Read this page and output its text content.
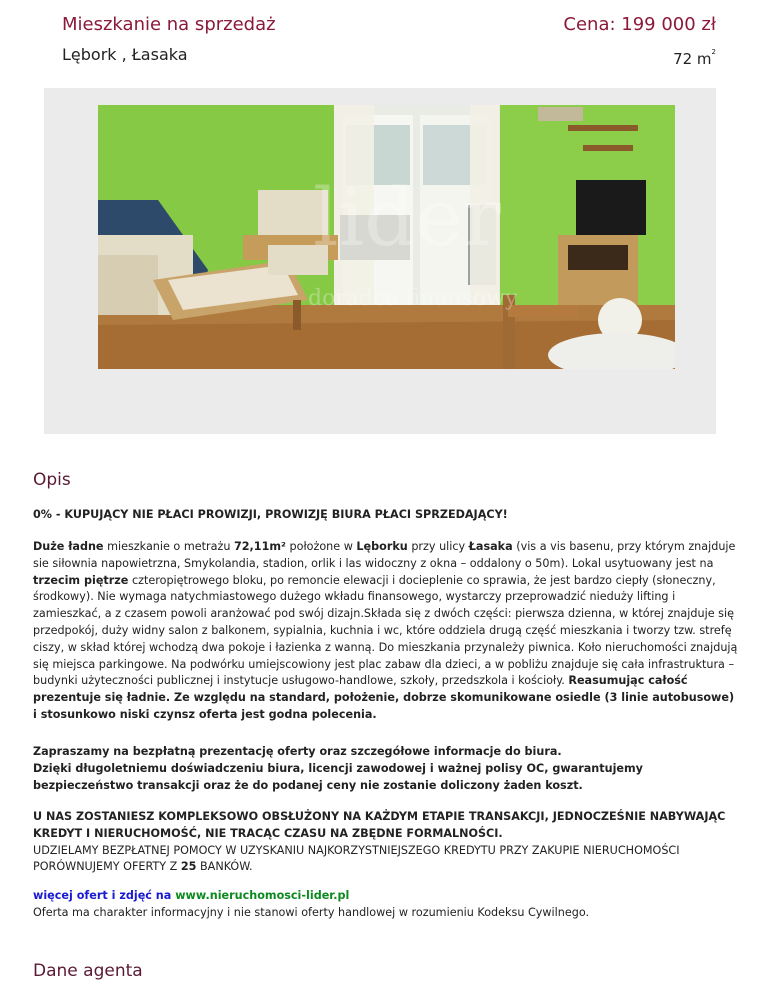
Mieszkanie na sprzedaż	Cena: 199 000 zł
Lębork , Łasaka	72 $m^2$
lider
doradca finansowy
Opis

0% - KUPUJĄCY NIE PŁACI PROWIZJI, PROWIZJĘ BIURA PŁACI SPRZEDAJĄCY!

Duże ładne mieszkanie o metrażu 72,11m² położone w Lęborku przy ulicy Łasaka (vis a vis basenu, przy którym znajduje sie siłownia napowietrzna, Smykolandia, stadion, orlik i las widoczny z okna – oddalony o 50m). Lokal usytuowany jest na trzecim piętrze czteropiętrowego bloku, po remoncie elewacji i docieplenie co sprawia, że jest bardzo ciepły (słoneczny, środkowy). Nie wymaga natychmiastowego dużego wkładu finansowego, wystarczy przeprowadzić nieduży lifting i zamieszkać, a z czasem powoli aranżować pod swój dizajn.Składa się z dwóch części: pierwsza dzienna, w której znajduje się przedpokój, duży widny salon z balkonem, sypialnia, kuchnia i wc, które oddziela drugą część mieszkania i tworzy tzw. strefę ciszy, w skład której wchodzą dwa pokoje i łazienka z wanną. Do mieszkania przynależy piwnica. Koło nieruchomości znajdują się miejsca parkingowe. Na podwórku umiejscowiony jest plac zabaw dla dzieci, a w pobliżu znajduje się cała infrastruktura – budynki użyteczności publicznej i instytucje usługowo-handlowe, szkoły, przedszkola i kościoły. Reasumując całość prezentuje się ładnie. Ze względu na standard, położenie, dobrze skomunikowane osiedle (3 linie autobusowe) i stosunkowo niski czynsz oferta jest godna polecenia.

Zapraszamy na bezpłatną prezentację oferty oraz szczegółowe informacje do biura.

Dzięki długoletniemu doświadczeniu biura, licencji zawodowej i ważnej polisy OC, gwarantujemy bezpieczeństwo transakcji oraz że do podanej ceny nie zostanie doliczony żaden koszt.

U NAS ZOSTANIESZ KOMPLEKSOWO OBSŁUŻONY NA KAŻDYM ETAPIE TRANSAKCJI, JEDNOCZEŚNIE NABYWAJĄC KREDYT I NIERUCHOMOŚĆ, NIE TRACĄC CZASU NA ZBĘDNE FORMALNOŚCI.

UDZIELAMY BEZPŁATNEJ POMOCY W UZYSKANIU NAJKORZYSTNIEJSZEGO KREDYTU PRZY ZAKUPIE NIERUCHOMOŚCI PORÓWNUJEMY OFERTY Z 25 BANKÓW.

więcej ofert i zdjęć na www.nieruchomosci-lider.pl

Oferta ma charakter informacyjny i nie stanowi oferty handlowej w rozumieniu Kodeksu Cywilnego.

Dane agenta
